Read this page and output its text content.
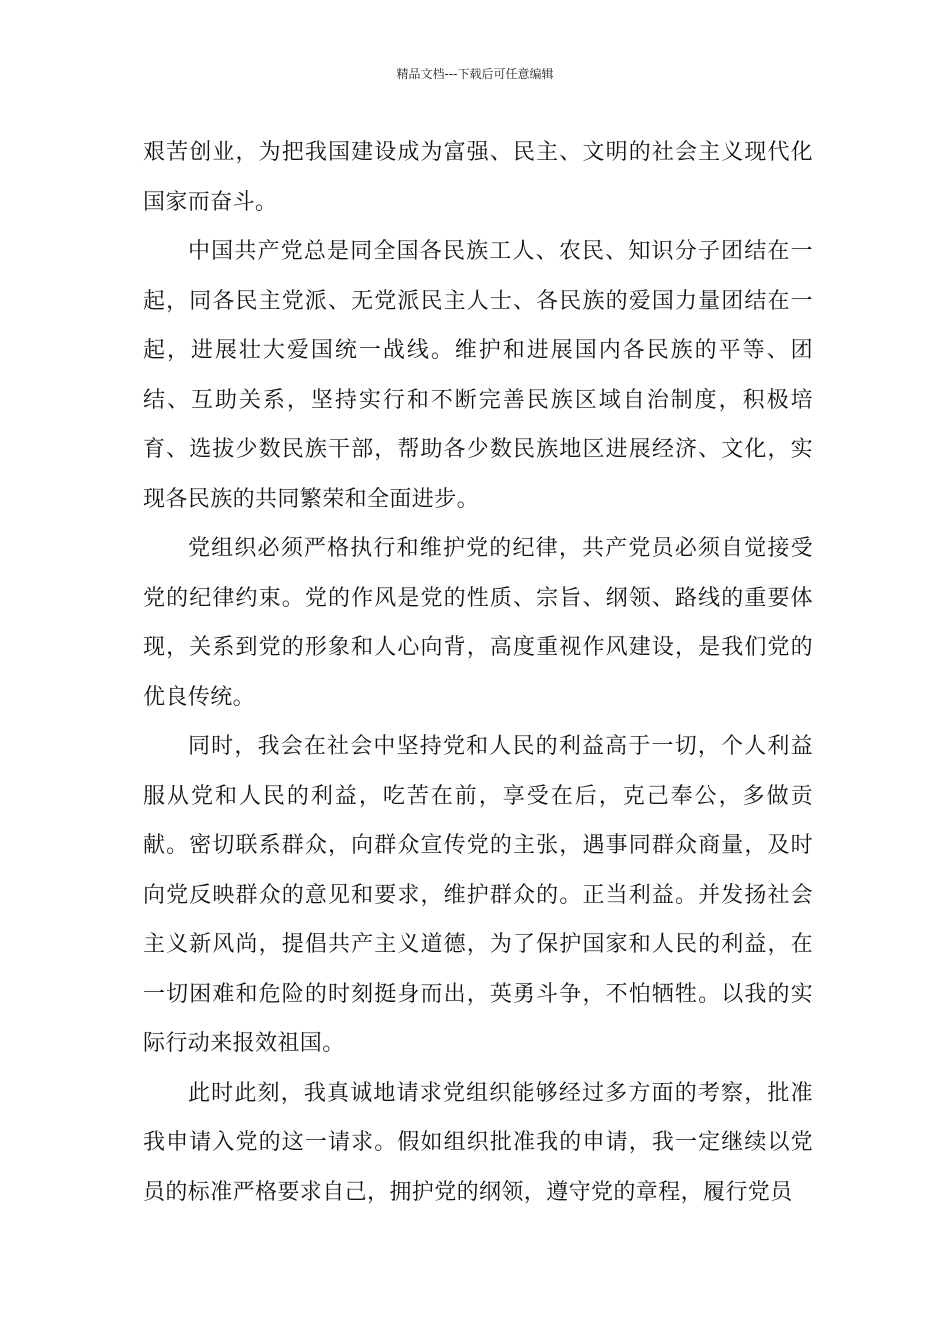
精品文档---下载后可任意编辑

艰苦创业，为把我国建设成为富强、民主、文明的社会主义现代化国家而奋斗。

中国共产党总是同全国各民族工人、农民、知识分子团结在一起，同各民主党派、无党派民主人士、各民族的爱国力量团结在一起，进展壮大爱国统一战线。维护和进展国内各民族的平等、团结、互助关系，坚持实行和不断完善民族区域自治制度，积极培育、选拔少数民族干部，帮助各少数民族地区进展经济、文化，实现各民族的共同繁荣和全面进步。

党组织必须严格执行和维护党的纪律，共产党员必须自觉接受党的纪律约束。党的作风是党的性质、宗旨、纲领、路线的重要体现，关系到党的形象和人心向背，高度重视作风建设，是我们党的优良传统。

同时，我会在社会中坚持党和人民的利益高于一切，个人利益服从党和人民的利益，吃苦在前，享受在后，克己奉公，多做贡献。密切联系群众，向群众宣传党的主张，遇事同群众商量，及时向党反映群众的意见和要求，维护群众的。正当利益。并发扬社会主义新风尚，提倡共产主义道德，为了保护国家和人民的利益，在一切困难和危险的时刻挺身而出，英勇斗争，不怕牺牲。以我的实际行动来报效祖国。

此时此刻，我真诚地请求党组织能够经过多方面的考察，批准我申请入党的这一请求。假如组织批准我的申请，我一定继续以党员的标准严格要求自己，拥护党的纲领，遵守党的章程，履行党员
